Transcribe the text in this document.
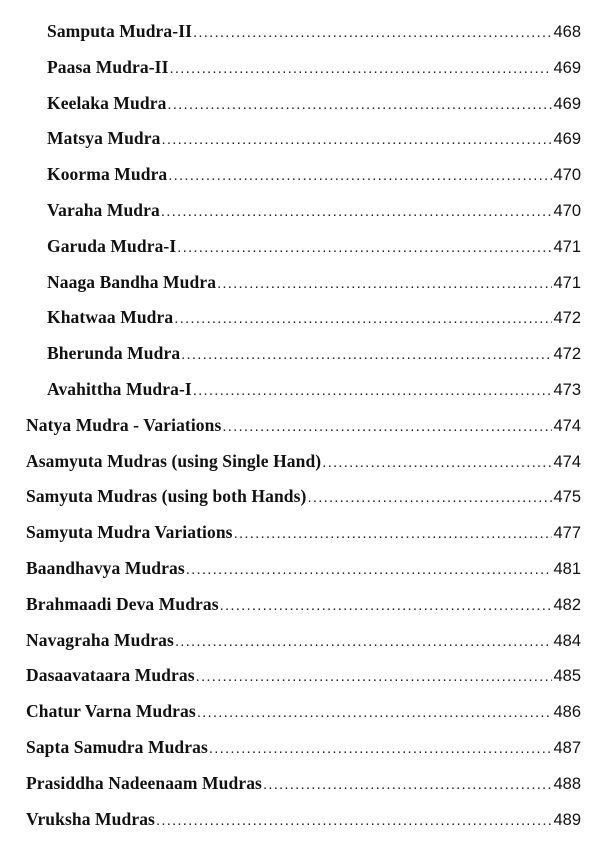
Samputa Mudra-II .....	468
Paasa Mudra-II .....	469
Keelaka Mudra .....	469
Matsya Mudra .....	469
Koorma Mudra .....	470
Varaha Mudra .....	470
Garuda Mudra-I .....	471
Naaga Bandha Mudra .....	471
Khatwaa Mudra .....	472
Bherunda Mudra .....	472
Avahittha Mudra-I .....	473
Natya Mudra - Variations .....	474
Asamyuta Mudras (using Single Hand) .....	474
Samyuta Mudras (using both Hands) .....	475
Samyuta Mudra Variations .....	477
Baandhavya Mudras .....	481
Brahmaadi Deva Mudras .....	482
Navagraha Mudras .....	484
Dasaavataara Mudras .....	485
Chatur Varna Mudras .....	486
Sapta Samudra Mudras .....	487
Prasiddha Nadeenaam Mudras .....	488
Vruksha Mudras .....	489
